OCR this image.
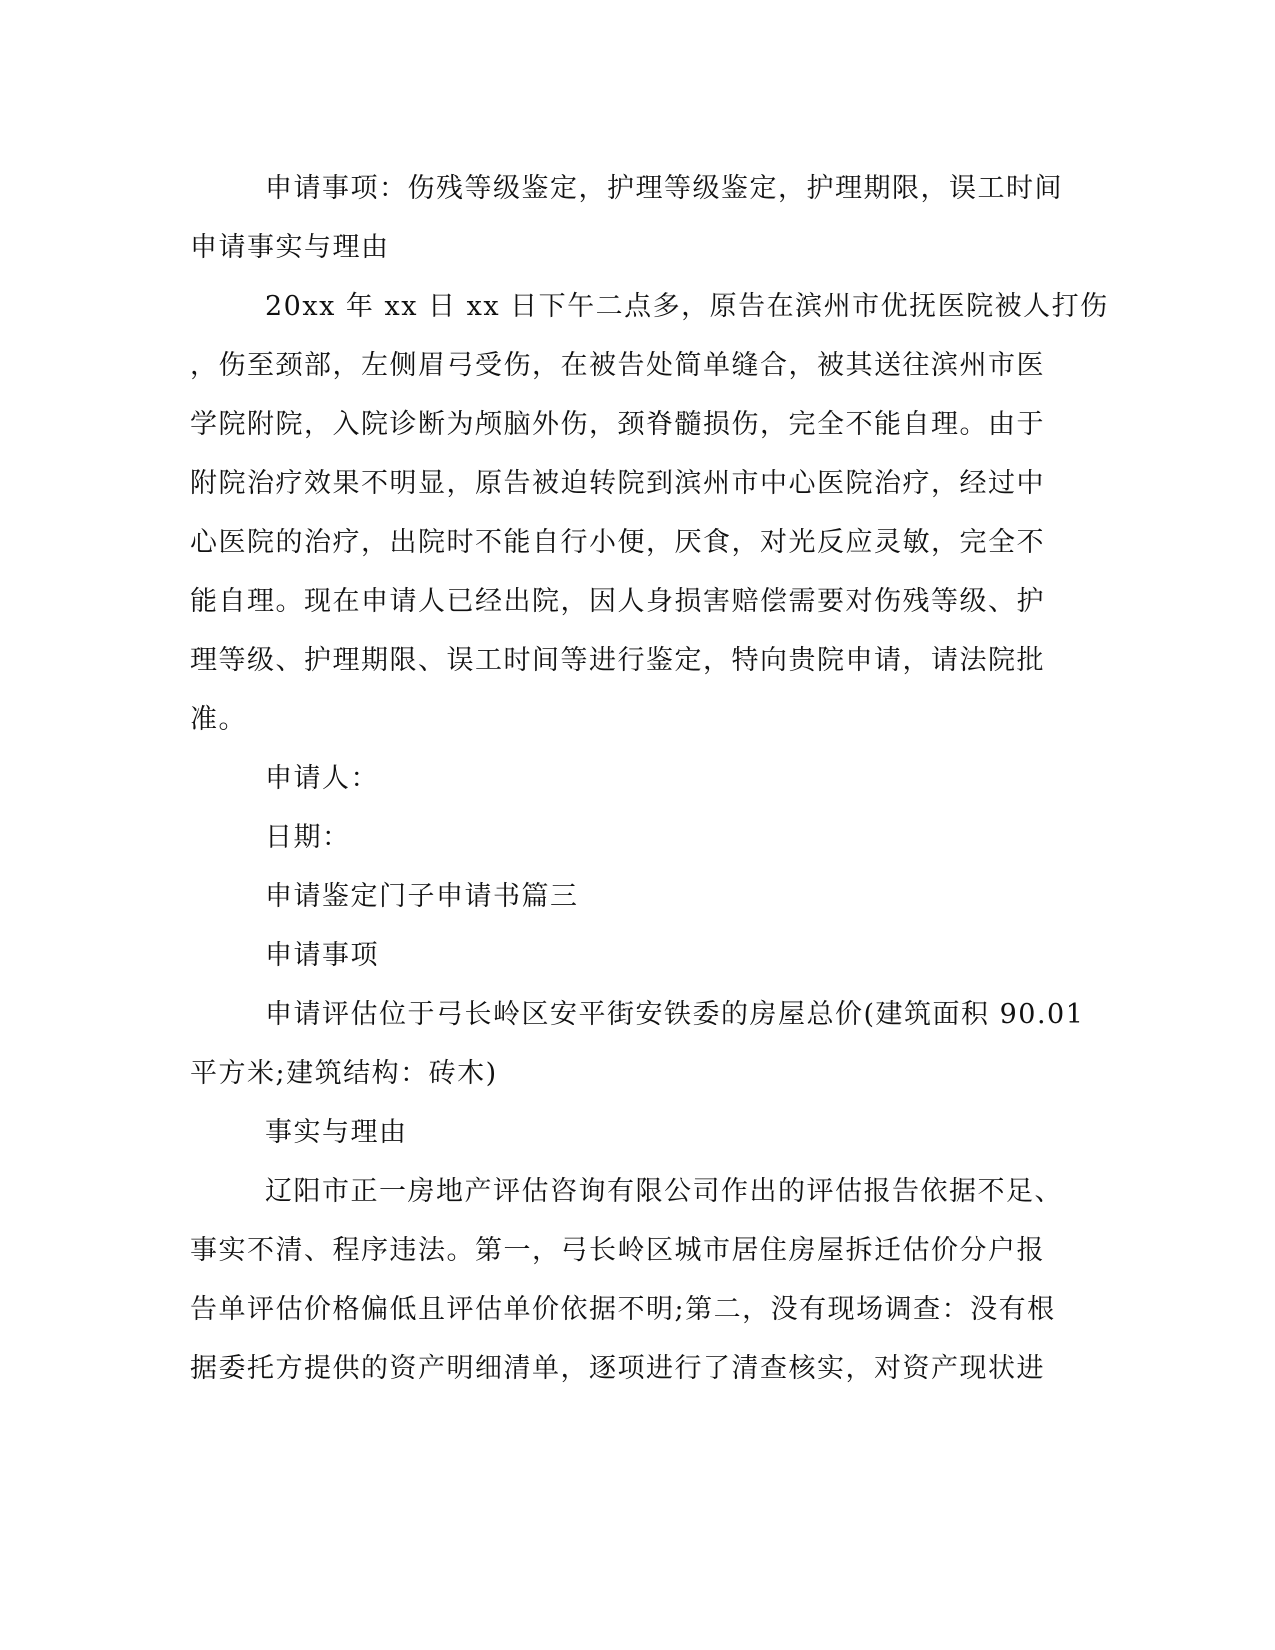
申请事项：伤残等级鉴定，护理等级鉴定，护理期限，误工时间

申请事实与理由

20xx 年 xx 日 xx 日下午二点多，原告在滨州市优抚医院被人打伤

，伤至颈部，左侧眉弓受伤，在被告处简单缝合，被其送往滨州市医

学院附院，入院诊断为颅脑外伤，颈脊髓损伤，完全不能自理。由于

附院治疗效果不明显，原告被迫转院到滨州市中心医院治疗，经过中

心医院的治疗，出院时不能自行小便，厌食，对光反应灵敏，完全不

能自理。现在申请人已经出院，因人身损害赔偿需要对伤残等级、护

理等级、护理期限、误工时间等进行鉴定，特向贵院申请，请法院批

准。

申请人：

日期：

申请鉴定门子申请书篇三

申请事项

申请评估位于弓长岭区安平街安铁委的房屋总价(建筑面积 90.01

平方米;建筑结构：砖木)

事实与理由

辽阳市正一房地产评估咨询有限公司作出的评估报告依据不足、

事实不清、程序违法。第一，弓长岭区城市居住房屋拆迁估价分户报

告单评估价格偏低且评估单价依据不明;第二，没有现场调查：没有根

据委托方提供的资产明细清单，逐项进行了清查核实，对资产现状进
